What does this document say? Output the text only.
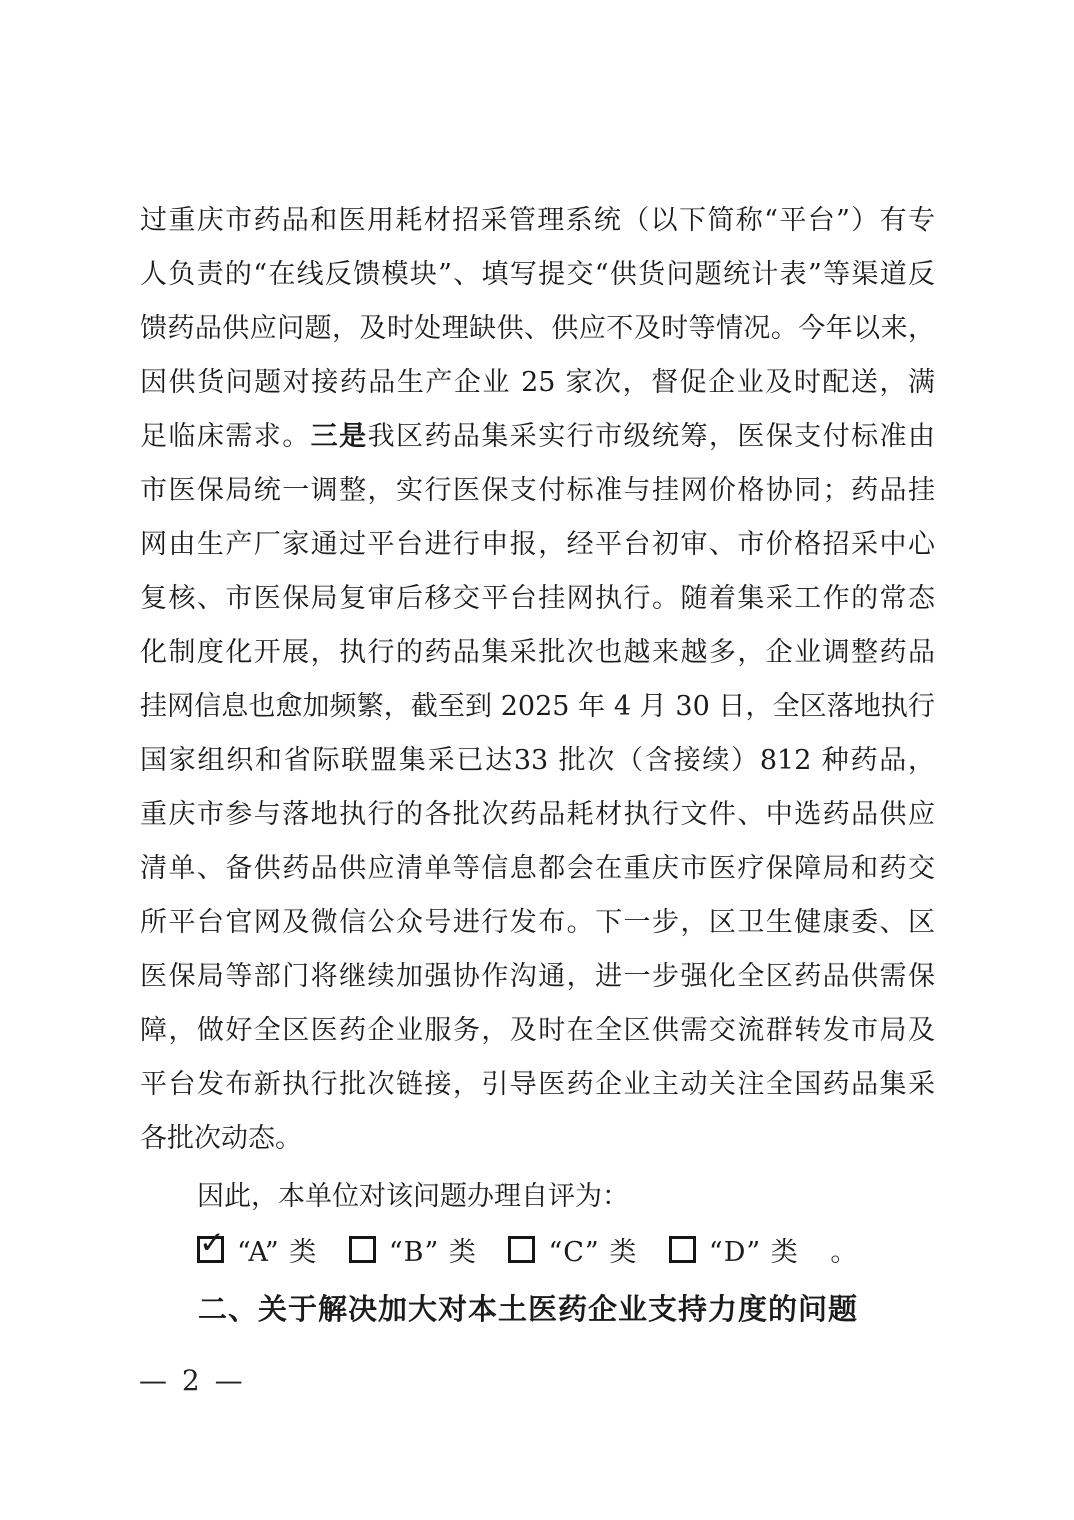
过重庆市药品和医用耗材招采管理系统（以下简称“平台”）有专
人负责的“在线反馈模块”、填写提交“供货问题统计表”等渠道反
馈药品供应问题，及时处理缺供、供应不及时等情况。今年以来，
因供货问题对接药品生产企业 25 家次，督促企业及时配送，满
足临床需求。三是我区药品集采实行市级统筹，医保支付标准由
市医保局统一调整，实行医保支付标准与挂网价格协同；药品挂
网由生产厂家通过平台进行申报，经平台初审、市价格招采中心
复核、市医保局复审后移交平台挂网执行。随着集采工作的常态
化制度化开展，执行的药品集采批次也越来越多，企业调整药品
挂网信息也愈加频繁，截至到 2025 年 4 月 30 日，全区落地执行
国家组织和省际联盟集采已达33 批次（含接续）812 种药品，
重庆市参与落地执行的各批次药品耗材执行文件、中选药品供应
清单、备供药品供应清单等信息都会在重庆市医疗保障局和药交
所平台官网及微信公众号进行发布。下一步，区卫生健康委、区
医保局等部门将继续加强协作沟通，进一步强化全区药品供需保
障，做好全区医药企业服务，及时在全区供需交流群转发市局及
平台发布新执行批次链接，引导医药企业主动关注全国药品集采
各批次动态。
因此，本单位对该问题办理自评为：
✓ “A” 类	“B” 类	“C” 类	“D” 类 。
二、关于解决加大对本土医药企业支持力度的问题
— 2 —
